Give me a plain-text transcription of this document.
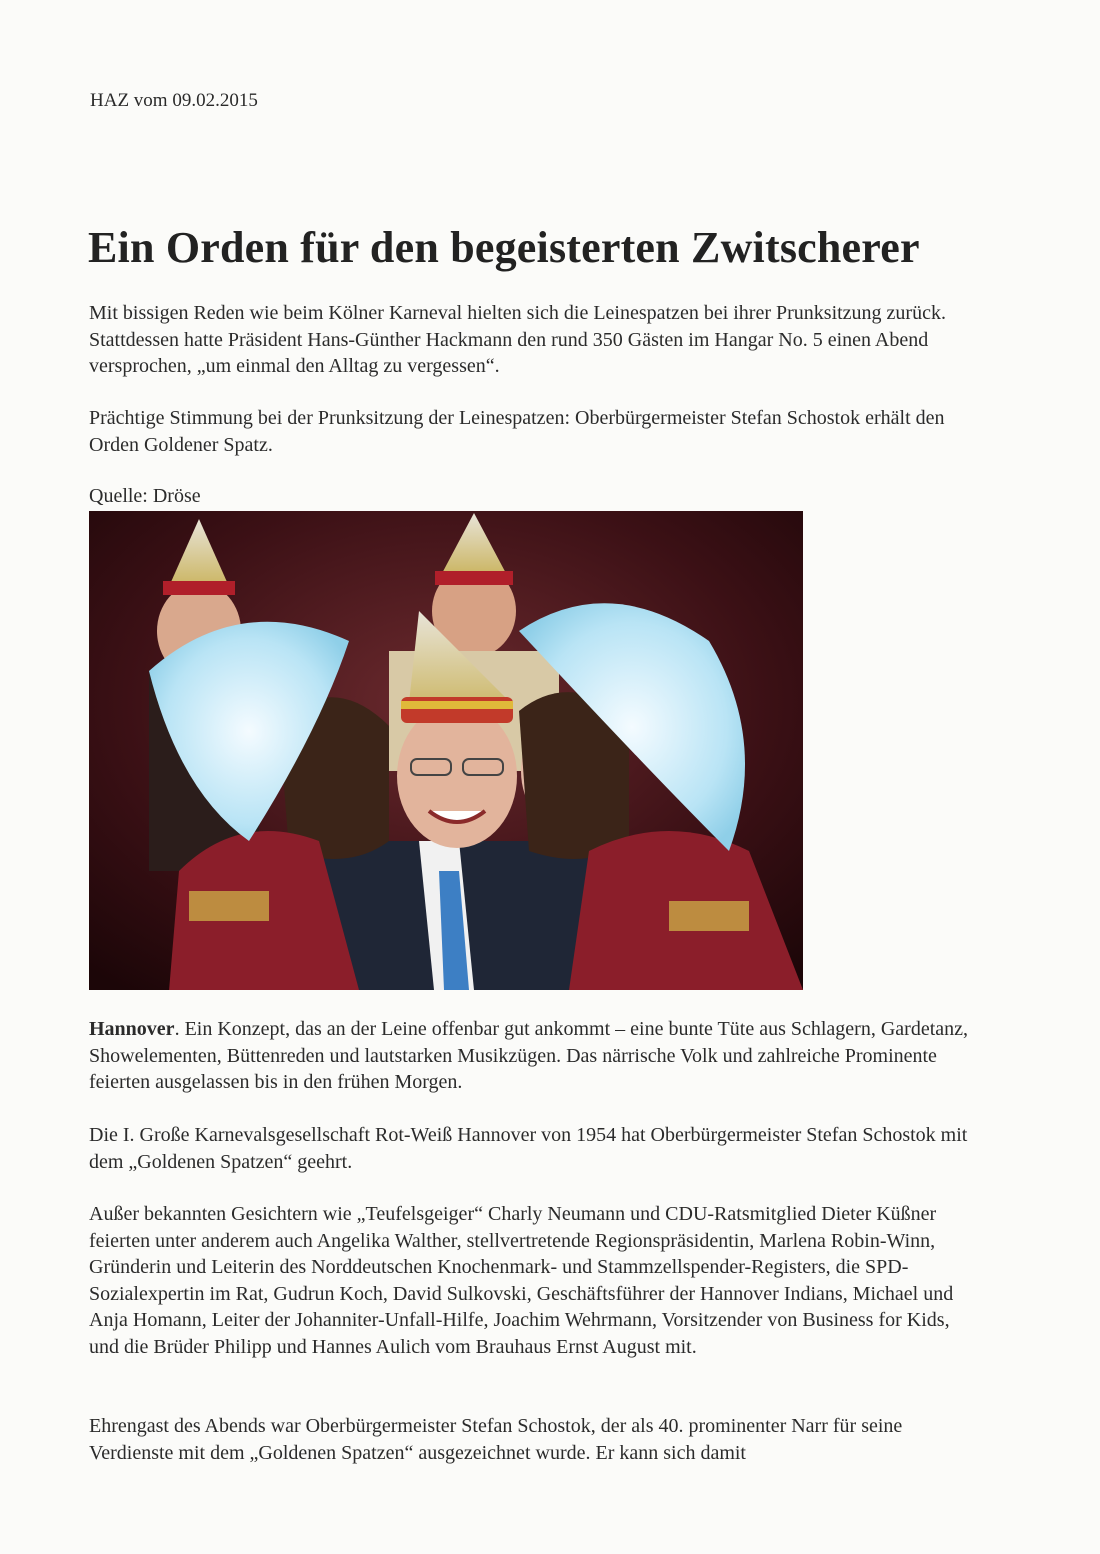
HAZ vom 09.02.2015
Ein Orden für den begeisterten Zwitscherer

Mit bissigen Reden wie beim Kölner Karneval hielten sich die Leinespatzen bei ihrer Prunksitzung zurück. Stattdessen hatte Präsident Hans-Günther Hackmann den rund 350 Gästen im Hangar No. 5 einen Abend versprochen, „um einmal den Alltag zu vergessen“.

Prächtige Stimmung bei der Prunksitzung der Leinespatzen: Oberbürgermeister Stefan Schostok erhält den Orden Goldener Spatz.

Quelle: Dröse

Hannover. Ein Konzept, das an der Leine offenbar gut ankommt – eine bunte Tüte aus Schlagern, Gardetanz, Showelementen, Büttenreden und lautstarken Musikzügen. Das närrische Volk und zahlreiche Prominente feierten ausgelassen bis in den frühen Morgen.

Die I. Große Karnevalsgesellschaft Rot-Weiß Hannover von 1954 hat Oberbürgermeister Stefan Schostok mit dem „Goldenen Spatzen“ geehrt.

Außer bekannten Gesichtern wie „Teufelsgeiger“ Charly Neumann und CDU-Ratsmitglied Dieter Küßner feierten unter anderem auch Angelika Walther, stellvertretende Regionspräsidentin, Marlena Robin-Winn, Gründerin und Leiterin des Norddeutschen Knochenmark- und Stammzellspender-Registers, die SPD-Sozialexpertin im Rat, Gudrun Koch, David Sulkovski, Geschäftsführer der Hannover Indians, Michael und Anja Homann, Leiter der Johanniter-Unfall-Hilfe, Joachim Wehrmann, Vorsitzender von Business for Kids, und die Brüder Philipp und Hannes Aulich vom Brauhaus Ernst August mit.

Ehrengast des Abends war Oberbürgermeister Stefan Schostok, der als 40. prominenter Narr für seine Verdienste mit dem „Goldenen Spatzen“ ausgezeichnet wurde. Er kann sich damit
